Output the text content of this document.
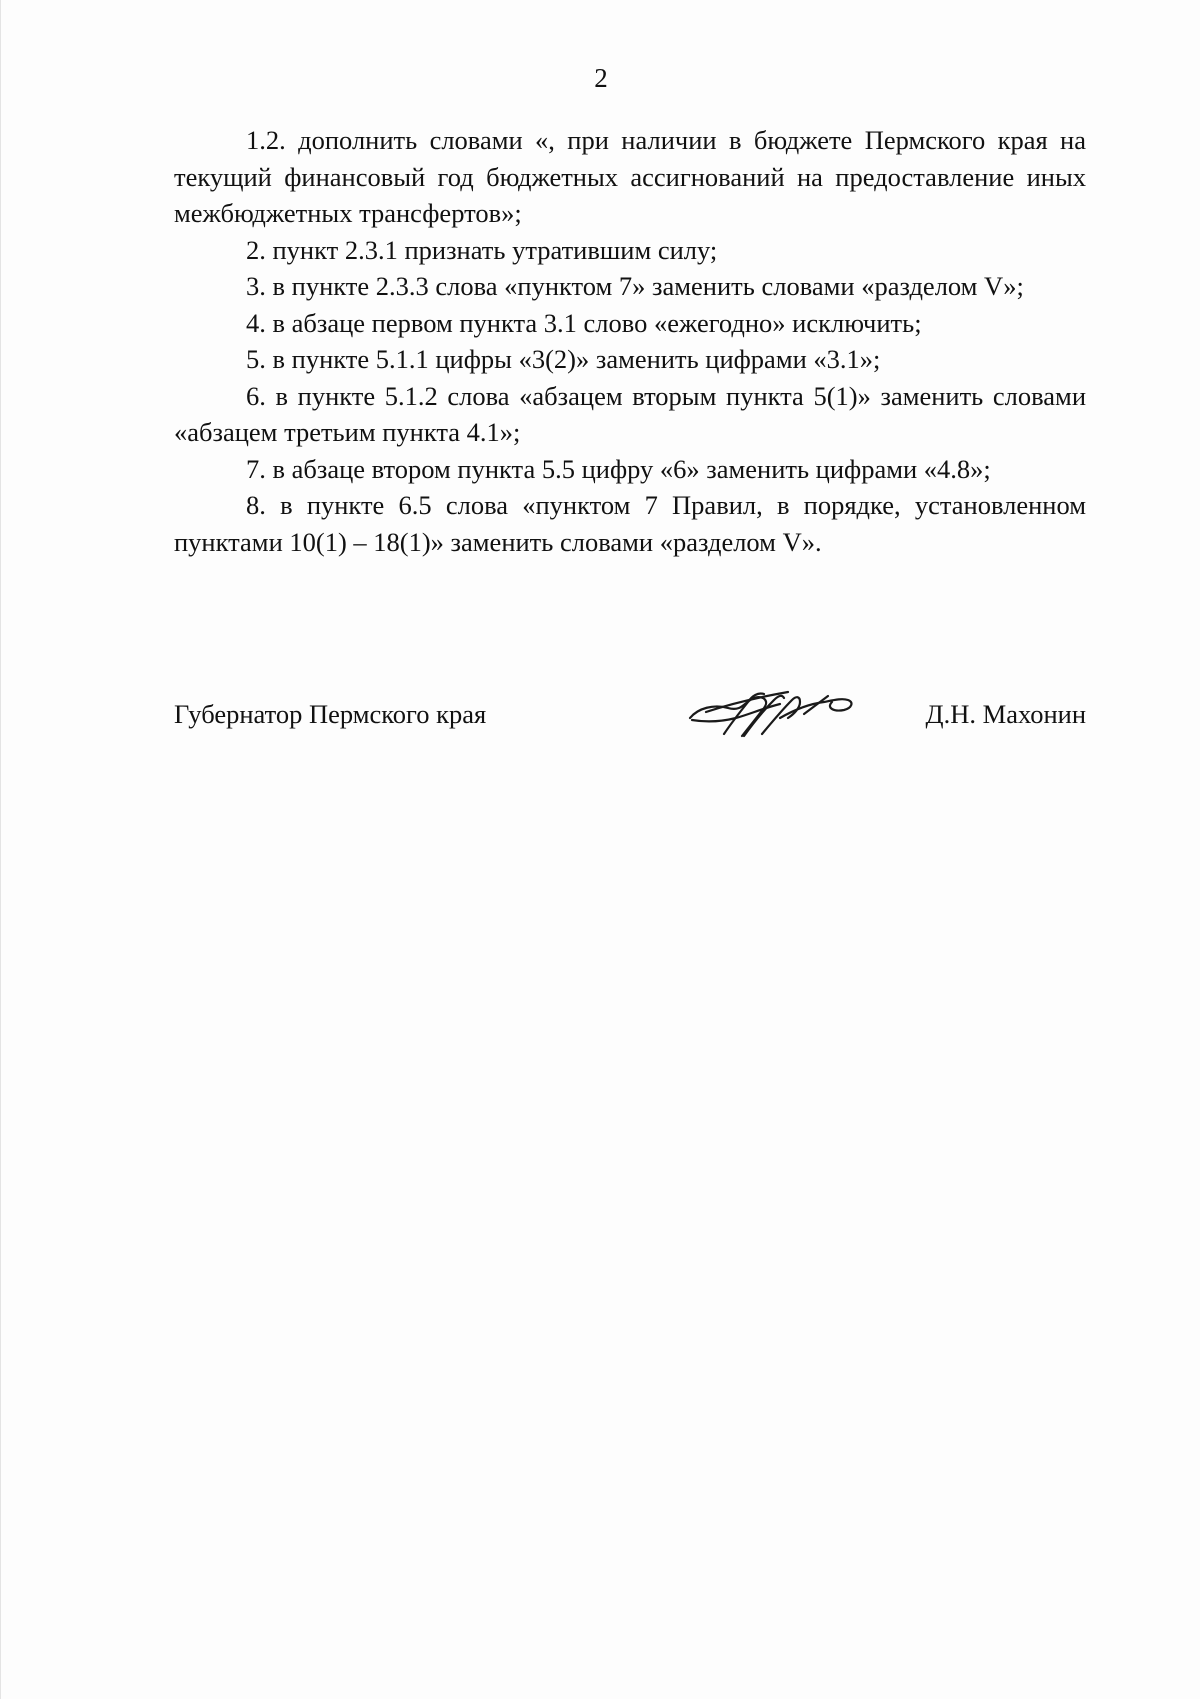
2

1.2. дополнить словами «, при наличии в бюджете Пермского края на текущий финансовый год бюджетных ассигнований на предоставление иных межбюджетных трансфертов»;

2. пункт 2.3.1 признать утратившим силу;

3. в пункте 2.3.3 слова «пунктом 7» заменить словами «разделом V»;

4. в абзаце первом пункта 3.1 слово «ежегодно» исключить;

5. в пункте 5.1.1 цифры «3(2)» заменить цифрами «3.1»;

6. в пункте 5.1.2 слова «абзацем вторым пункта 5(1)» заменить словами «абзацем третьим пункта 4.1»;

7. в абзаце втором пункта 5.5 цифру «6» заменить цифрами «4.8»;

8. в пункте 6.5 слова «пунктом 7 Правил, в порядке, установленном пунктами 10(1) – 18(1)» заменить словами «разделом V».

Губернатор Пермского края	Д.Н. Махонин
